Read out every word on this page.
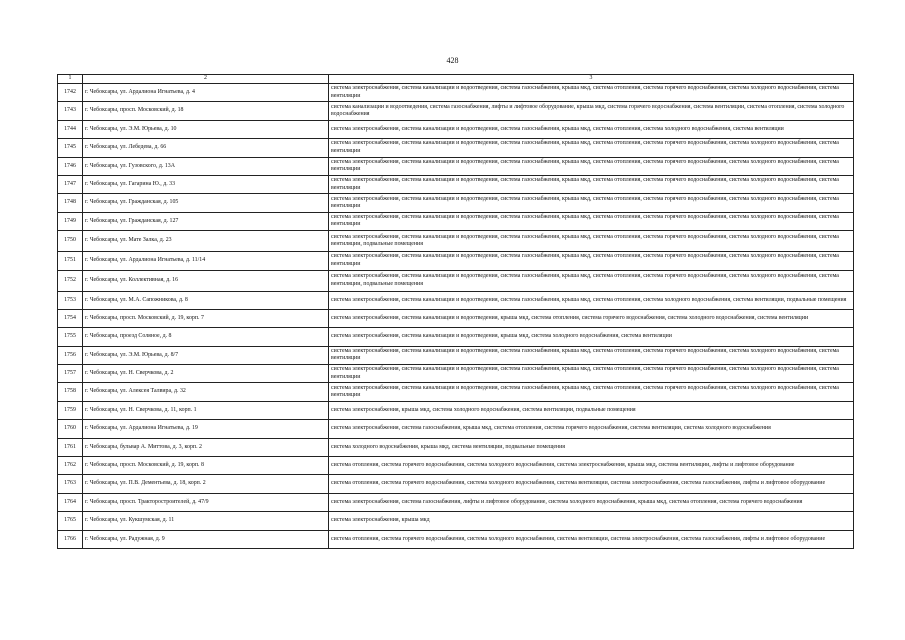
428
1	2	3
1742	г. Чебоксары, ул. Ардалиона Игнатьева, д. 4	система электроснабжения, система канализации и водоотведения, система газоснабжения, крыша мкд, система отопления, система горячего водоснабжения, система холодного водоснабжения, система вентиляции
1743	г. Чебоксары, просп. Московский, д. 18	система канализации и водоотведения, система газоснабжения, лифты и лифтовое оборудование, крыша мкд, система горячего водоснабжения, система вентиляции, система отопления, система холодного водоснабжения
1744	г. Чебоксары, ул. Э.М. Юрьева, д. 10	система электроснабжения, система канализации и водоотведения, система газоснабжения, крыша мкд, система отопления, система холодного водоснабжения, система вентиляции
1745	г. Чебоксары, ул. Лебедева, д. 66	система электроснабжения, система канализации и водоотведения, система газоснабжения, крыша мкд, система отопления, система горячего водоснабжения, система холодного водоснабжения, система вентиляции
1746	г. Чебоксары, ул. Гузовского, д. 13А	система электроснабжения, система канализации и водоотведения, система газоснабжения, крыша мкд, система отопления, система горячего водоснабжения, система холодного водоснабжения, система вентиляции
1747	г. Чебоксары, ул. Гагарина Ю., д. 33	система электроснабжения, система канализации и водоотведения, система газоснабжения, крыша мкд, система отопления, система горячего водоснабжения, система холодного водоснабжения, система вентиляции
1748	г. Чебоксары, ул. Гражданская, д. 105	система электроснабжения, система канализации и водоотведения, система газоснабжения, крыша мкд, система отопления, система горячего водоснабжения, система холодного водоснабжения, система вентиляции
1749	г. Чебоксары, ул. Гражданская, д. 127	система электроснабжения, система канализации и водоотведения, система газоснабжения, крыша мкд, система отопления, система горячего водоснабжения, система холодного водоснабжения, система вентиляции
1750	г. Чебоксары, ул. Мате Залка, д. 23	система электроснабжения, система канализации и водоотведения, система газоснабжения, крыша мкд, система отопления, система горячего водоснабжения, система холодного водоснабжения, система вентиляции, подвальные помещения
1751	г. Чебоксары, ул. Ардалиона Игнатьева, д. 11/14	система электроснабжения, система канализации и водоотведения, система газоснабжения, крыша мкд, система отопления, система горячего водоснабжения, система холодного водоснабжения, система вентиляции
1752	г. Чебоксары, ул. Коллективная, д. 16	система электроснабжения, система канализации и водоотведения, система газоснабжения, крыша мкд, система отопления, система горячего водоснабжения, система холодного водоснабжения, система вентиляции, подвальные помещения
1753	г. Чебоксары, ул. М.А. Сапожникова, д. 8	система электроснабжения, система канализации и водоотведения, система газоснабжения, крыша мкд, система отопления, система холодного водоснабжения, система вентиляции, подвальные помещения
1754	г. Чебоксары, просп. Московский, д. 19, корп. 7	система электроснабжения, система канализации и водоотведения, крыша мкд, система отопления, система горячего водоснабжения, система холодного водоснабжения, система вентиляции
1755	г. Чебоксары, проезд Соляное, д. 8	система электроснабжения, система канализации и водоотведения, крыша мкд, система холодного водоснабжения, система вентиляции
1756	г. Чебоксары, ул. Э.М. Юрьева, д. 8/7	система электроснабжения, система канализации и водоотведения, система газоснабжения, крыша мкд, система отопления, система горячего водоснабжения, система холодного водоснабжения, система вентиляции
1757	г. Чебоксары, ул. Н. Сверчкова, д. 2	система электроснабжения, система канализации и водоотведения, система газоснабжения, крыша мкд, система отопления, система горячего водоснабжения, система холодного водоснабжения, система вентиляции
1758	г. Чебоксары, ул. Алексея Талвира, д. 32	система электроснабжения, система канализации и водоотведения, система газоснабжения, крыша мкд, система отопления, система горячего водоснабжения, система холодного водоснабжения, система вентиляции
1759	г. Чебоксары, ул. Н. Сверчкова, д. 11, корп. 1	система электроснабжения, крыша мкд, система холодного водоснабжения, система вентиляции, подвальные помещения
1760	г. Чебоксары, ул. Ардалиона Игнатьева, д. 19	система электроснабжения, система газоснабжения, крыша мкд, система отопления, система горячего водоснабжения, система вентиляции, система холодного водоснабжения
1761	г. Чебоксары, бульвар А. Миттова, д. 3, корп. 2	система холодного водоснабжения, крыша мкд, система вентиляции, подвальные помещения
1762	г. Чебоксары, просп. Московский, д. 19, корп. 8	система отопления, система горячего водоснабжения, система холодного водоснабжения, система электроснабжения, крыша мкд, система вентиляции, лифты и лифтовое оборудование
1763	г. Чебоксары, ул. П.В. Дементьева, д. 18, корп. 2	система отопления, система горячего водоснабжения, система холодного водоснабжения, система вентиляции, система электроснабжения, система газоснабжения, лифты и лифтовое оборудование
1764	г. Чебоксары, просп. Тракторостроителей, д. 47/9	система электроснабжения, система газоснабжения, лифты и лифтовое оборудование, система холодного водоснабжения, крыша мкд, система отопления, система горячего водоснабжения
1765	г. Чебоксары, ул. Кукшумская, д. 11	система электроснабжения, крыша мкд
1766	г. Чебоксары, ул. Радужная, д. 9	система отопления, система горячего водоснабжения, система холодного водоснабжения, система вентиляции, система электроснабжения, система газоснабжения, лифты и лифтовое оборудование
